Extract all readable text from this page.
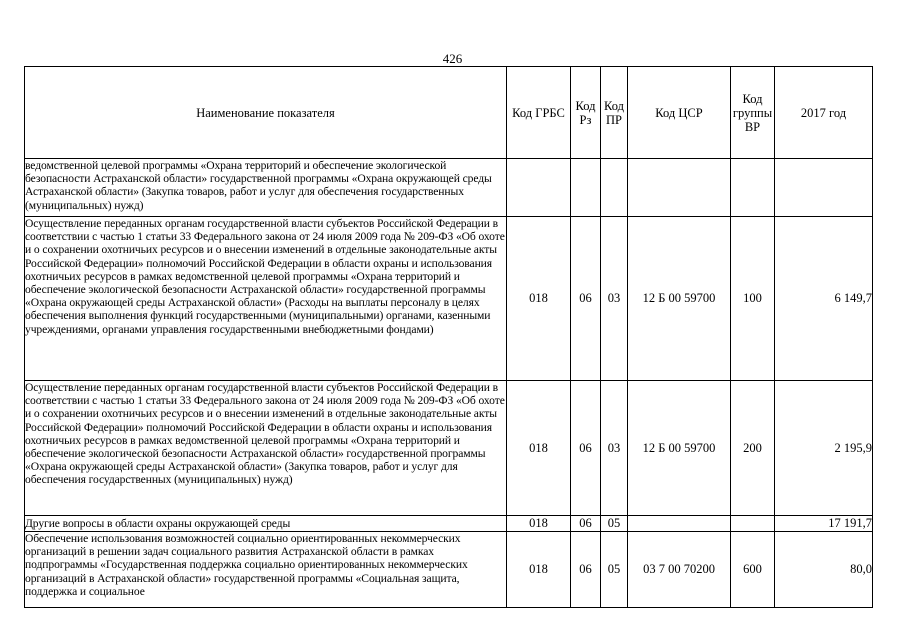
426
Наименование показателя	Код ГРБС	Код Рз	Код ПР	Код ЦСР	Код группы ВР	2017 год
ведомственной целевой программы «Охрана территорий и обеспечение экологической безопасности Астраханской области» государственной программы «Охрана окружающей среды Астраханской области» (Закупка товаров, работ и услуг для обеспечения государственных (муниципальных) нужд)						
Осуществление переданных органам государственной власти субъектов Российской Федерации в соответствии с частью 1 статьи 33 Федерального закона от 24 июля 2009 года № 209-ФЗ «Об охоте и о сохранении охотничьих ресурсов и о внесении изменений в отдельные законодательные акты Российской Федерации» полномочий Российской Федерации в области охраны и использования охотничьих ресурсов в рамках ведомственной целевой программы «Охрана территорий и обеспечение экологической безопасности Астраханской области» государственной программы «Охрана окружающей среды Астраханской области» (Расходы на выплаты персоналу в целях обеспечения выполнения функций государственными (муниципальными) органами, казенными учреждениями, органами управления государственными внебюджетными фондами)	018	06	03	12 Б 00 59700	100	6 149,7
Осуществление переданных органам государственной власти субъектов Российской Федерации в соответствии с частью 1 статьи 33 Федерального закона от 24 июля 2009 года № 209-ФЗ «Об охоте и о сохранении охотничьих ресурсов и о внесении изменений в отдельные законодательные акты Российской Федерации» полномочий Российской Федерации в области охраны и использования охотничьих ресурсов в рамках ведомственной целевой программы «Охрана территорий и обеспечение экологической безопасности Астраханской области» государственной программы «Охрана окружающей среды Астраханской области» (Закупка товаров, работ и услуг для обеспечения государственных (муниципальных) нужд)	018	06	03	12 Б 00 59700	200	2 195,9
Другие вопросы в области охраны окружающей среды	018	06	05			17 191,7
Обеспечение использования возможностей социально ориентированных некоммерческих организаций в решении задач социального развития Астраханской области в рамках подпрограммы «Государственная поддержка социально ориентированных некоммерческих организаций в Астраханской области» государственной программы «Социальная защита, поддержка и социальное	018	06	05	03 7 00 70200	600	80,0
